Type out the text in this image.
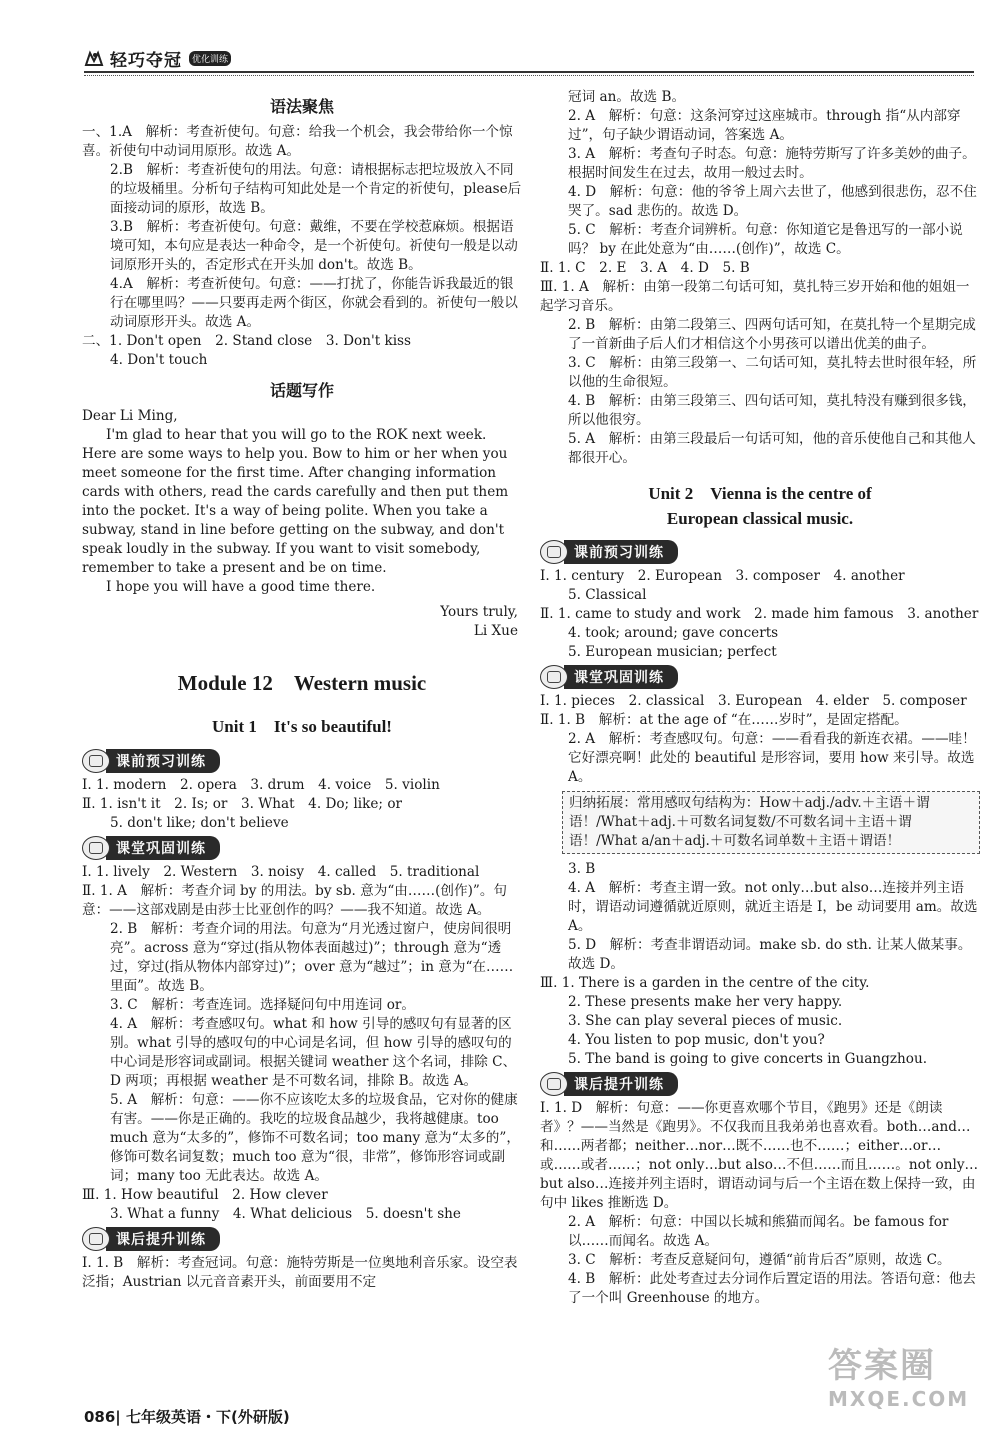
轻巧夺冠	优化训练
语法聚焦
一、1.A　解析：考查祈使句。句意：给我一个机会，我会带给你一个惊喜。祈使句中动词用原形。故选 A。
2.B　解析：考查祈使句的用法。句意：请根据标志把垃圾放入不同的垃圾桶里。分析句子结构可知此处是一个肯定的祈使句，please后面接动词的原形，故选 B。
3.B　解析：考查祈使句。句意：戴维，不要在学校惹麻烦。根据语境可知，本句应是表达一种命令，是一个祈使句。祈使句一般是以动词原形开头的，否定形式在开头加 don't。故选 B。
4.A　解析：考查祈使句。句意：——打扰了，你能告诉我最近的银行在哪里吗？——只要再走两个街区，你就会看到的。祈使句一般以动词原形开头。故选 A。
二、1. Don't open　2. Stand close　3. Don't kiss
4. Don't touch
话题写作
Dear Li Ming,
I'm glad to hear that you will go to the ROK next week. Here are some ways to help you. Bow to him or her when you meet someone for the first time. After changing information cards with others, read the cards carefully and then put them into the pocket. It's a way of being polite. When you take a subway, stand in line before getting on the subway, and don't speak loudly in the subway. If you want to visit somebody, remember to take a present and be on time.
I hope you will have a good time there.
Yours truly,
Li Xue
Module 12　Western music
Unit 1　It's so beautiful!
课前预习训练
Ⅰ. 1. modern　2. opera　3. drum　4. voice　5. violin
Ⅱ. 1. isn't it　2. Is; or　3. What　4. Do; like; or
5. don't like; don't believe
课堂巩固训练
Ⅰ. 1. lively　2. Western　3. noisy　4. called　5. traditional
Ⅱ. 1. A　解析：考查介词 by 的用法。by sb. 意为“由……(创作)”。句意：——这部戏剧是由莎士比亚创作的吗？——我不知道。故选 A。
2. B　解析：考查介词的用法。句意为“月光透过窗户，使房间很明亮”。across 意为“穿过(指从物体表面越过)”；through 意为“透过，穿过(指从物体内部穿过)”；over 意为“越过”；in 意为“在……里面”。故选 B。
3. C　解析：考查连词。选择疑问句中用连词 or。
4. A　解析：考查感叹句。what 和 how 引导的感叹句有显著的区别。what 引导的感叹句的中心词是名词，但 how 引导的感叹句的中心词是形容词或副词。根据关键词 weather 这个名词，排除 C、D 两项；再根据 weather 是不可数名词，排除 B。故选 A。
5. A　解析：句意：——你不应该吃太多的垃圾食品，它对你的健康有害。——你是正确的。我吃的垃圾食品越少，我将越健康。too much 意为“太多的”，修饰不可数名词；too many 意为“太多的”，修饰可数名词复数；much too 意为“很，非常”，修饰形容词或副词；many too 无此表达。故选 A。
Ⅲ. 1. How beautiful　2. How clever
3. What a funny　4. What delicious　5. doesn't she
课后提升训练
Ⅰ. 1. B　解析：考查冠词。句意：施特劳斯是一位奥地利音乐家。设空表泛指；Austrian 以元音音素开头，前面要用不定
冠词 an。故选 B。
2. A　解析：句意：这条河穿过这座城市。through 指“从内部穿过”，句子缺少谓语动词，答案选 A。
3. A　解析：考查句子时态。句意：施特劳斯写了许多美妙的曲子。根据时间发生在过去，故用一般过去时。
4. D　解析：句意：他的爷爷上周六去世了，他感到很悲伤，忍不住哭了。sad 悲伤的。故选 D。
5. C　解析：考查介词辨析。句意：你知道它是鲁迅写的一部小说吗？ by 在此处意为“由……(创作)”，故选 C。
Ⅱ. 1. C　2. E　3. A　4. D　5. B
Ⅲ. 1. A　解析：由第一段第二句话可知，莫扎特三岁开始和他的姐姐一起学习音乐。
2. B　解析：由第二段第三、四两句话可知，在莫扎特一个星期完成了一首新曲子后人们才相信这个小男孩可以谱出优美的曲子。
3. C　解析：由第三段第一、二句话可知，莫扎特去世时很年轻，所以他的生命很短。
4. B　解析：由第三段第三、四句话可知，莫扎特没有赚到很多钱，所以他很穷。
5. A　解析：由第三段最后一句话可知，他的音乐使他自己和其他人都很开心。
Unit 2　Vienna is the centre of
European classical music.
课前预习训练
Ⅰ. 1. century　2. European　3. composer　4. another
5. Classical
Ⅱ. 1. came to study and work　2. made him famous　3. another
4. took; around; gave concerts
5. European musician; perfect
课堂巩固训练
Ⅰ. 1. pieces　2. classical　3. European　4. elder　5. composer
Ⅱ. 1. B　解析：at the age of “在……岁时”，是固定搭配。
2. A　解析：考查感叹句。句意：——看看我的新连衣裙。——哇！它好漂亮啊！此处的 beautiful 是形容词，要用 how 来引导。故选 A。
归纳拓展：常用感叹句结构为：How＋adj./adv.＋主语＋谓语！/What＋adj.＋可数名词复数/不可数名词＋主语＋谓语！/What a/an＋adj.＋可数名词单数＋主语＋谓语！
3. B
4. A　解析：考查主谓一致。not only…but also…连接并列主语时，谓语动词遵循就近原则，就近主语是 I，be 动词要用 am。故选 A。
5. D　解析：考查非谓语动词。make sb. do sth. 让某人做某事。故选 D。
Ⅲ. 1. There is a garden in the centre of the city.
2. These presents make her very happy.
3. She can play several pieces of music.
4. You listen to pop music, don't you?
5. The band is going to give concerts in Guangzhou.
课后提升训练
Ⅰ. 1. D　解析：句意：——你更喜欢哪个节目，《跑男》还是《朗读者》？——当然是《跑男》。不仅我而且我弟弟也喜欢看。both…and…和……两者都；neither…nor…既不……也不……；either…or…或……或者……；not only…but also…不但……而且……。not only…but also…连接并列主语时，谓语动词与后一个主语在数上保持一致，由句中 likes 推断选 D。
2. A　解析：句意：中国以长城和熊猫而闻名。be famous for 以……而闻名。故选 A。
3. C　解析：考查反意疑问句，遵循“前肯后否”原则，故选 C。
4. B　解析：此处考查过去分词作后置定语的用法。答语句意：他去了一个叫 Greenhouse 的地方。
086| 七年级英语・下(外研版)
答案圈
MXQE.COM
